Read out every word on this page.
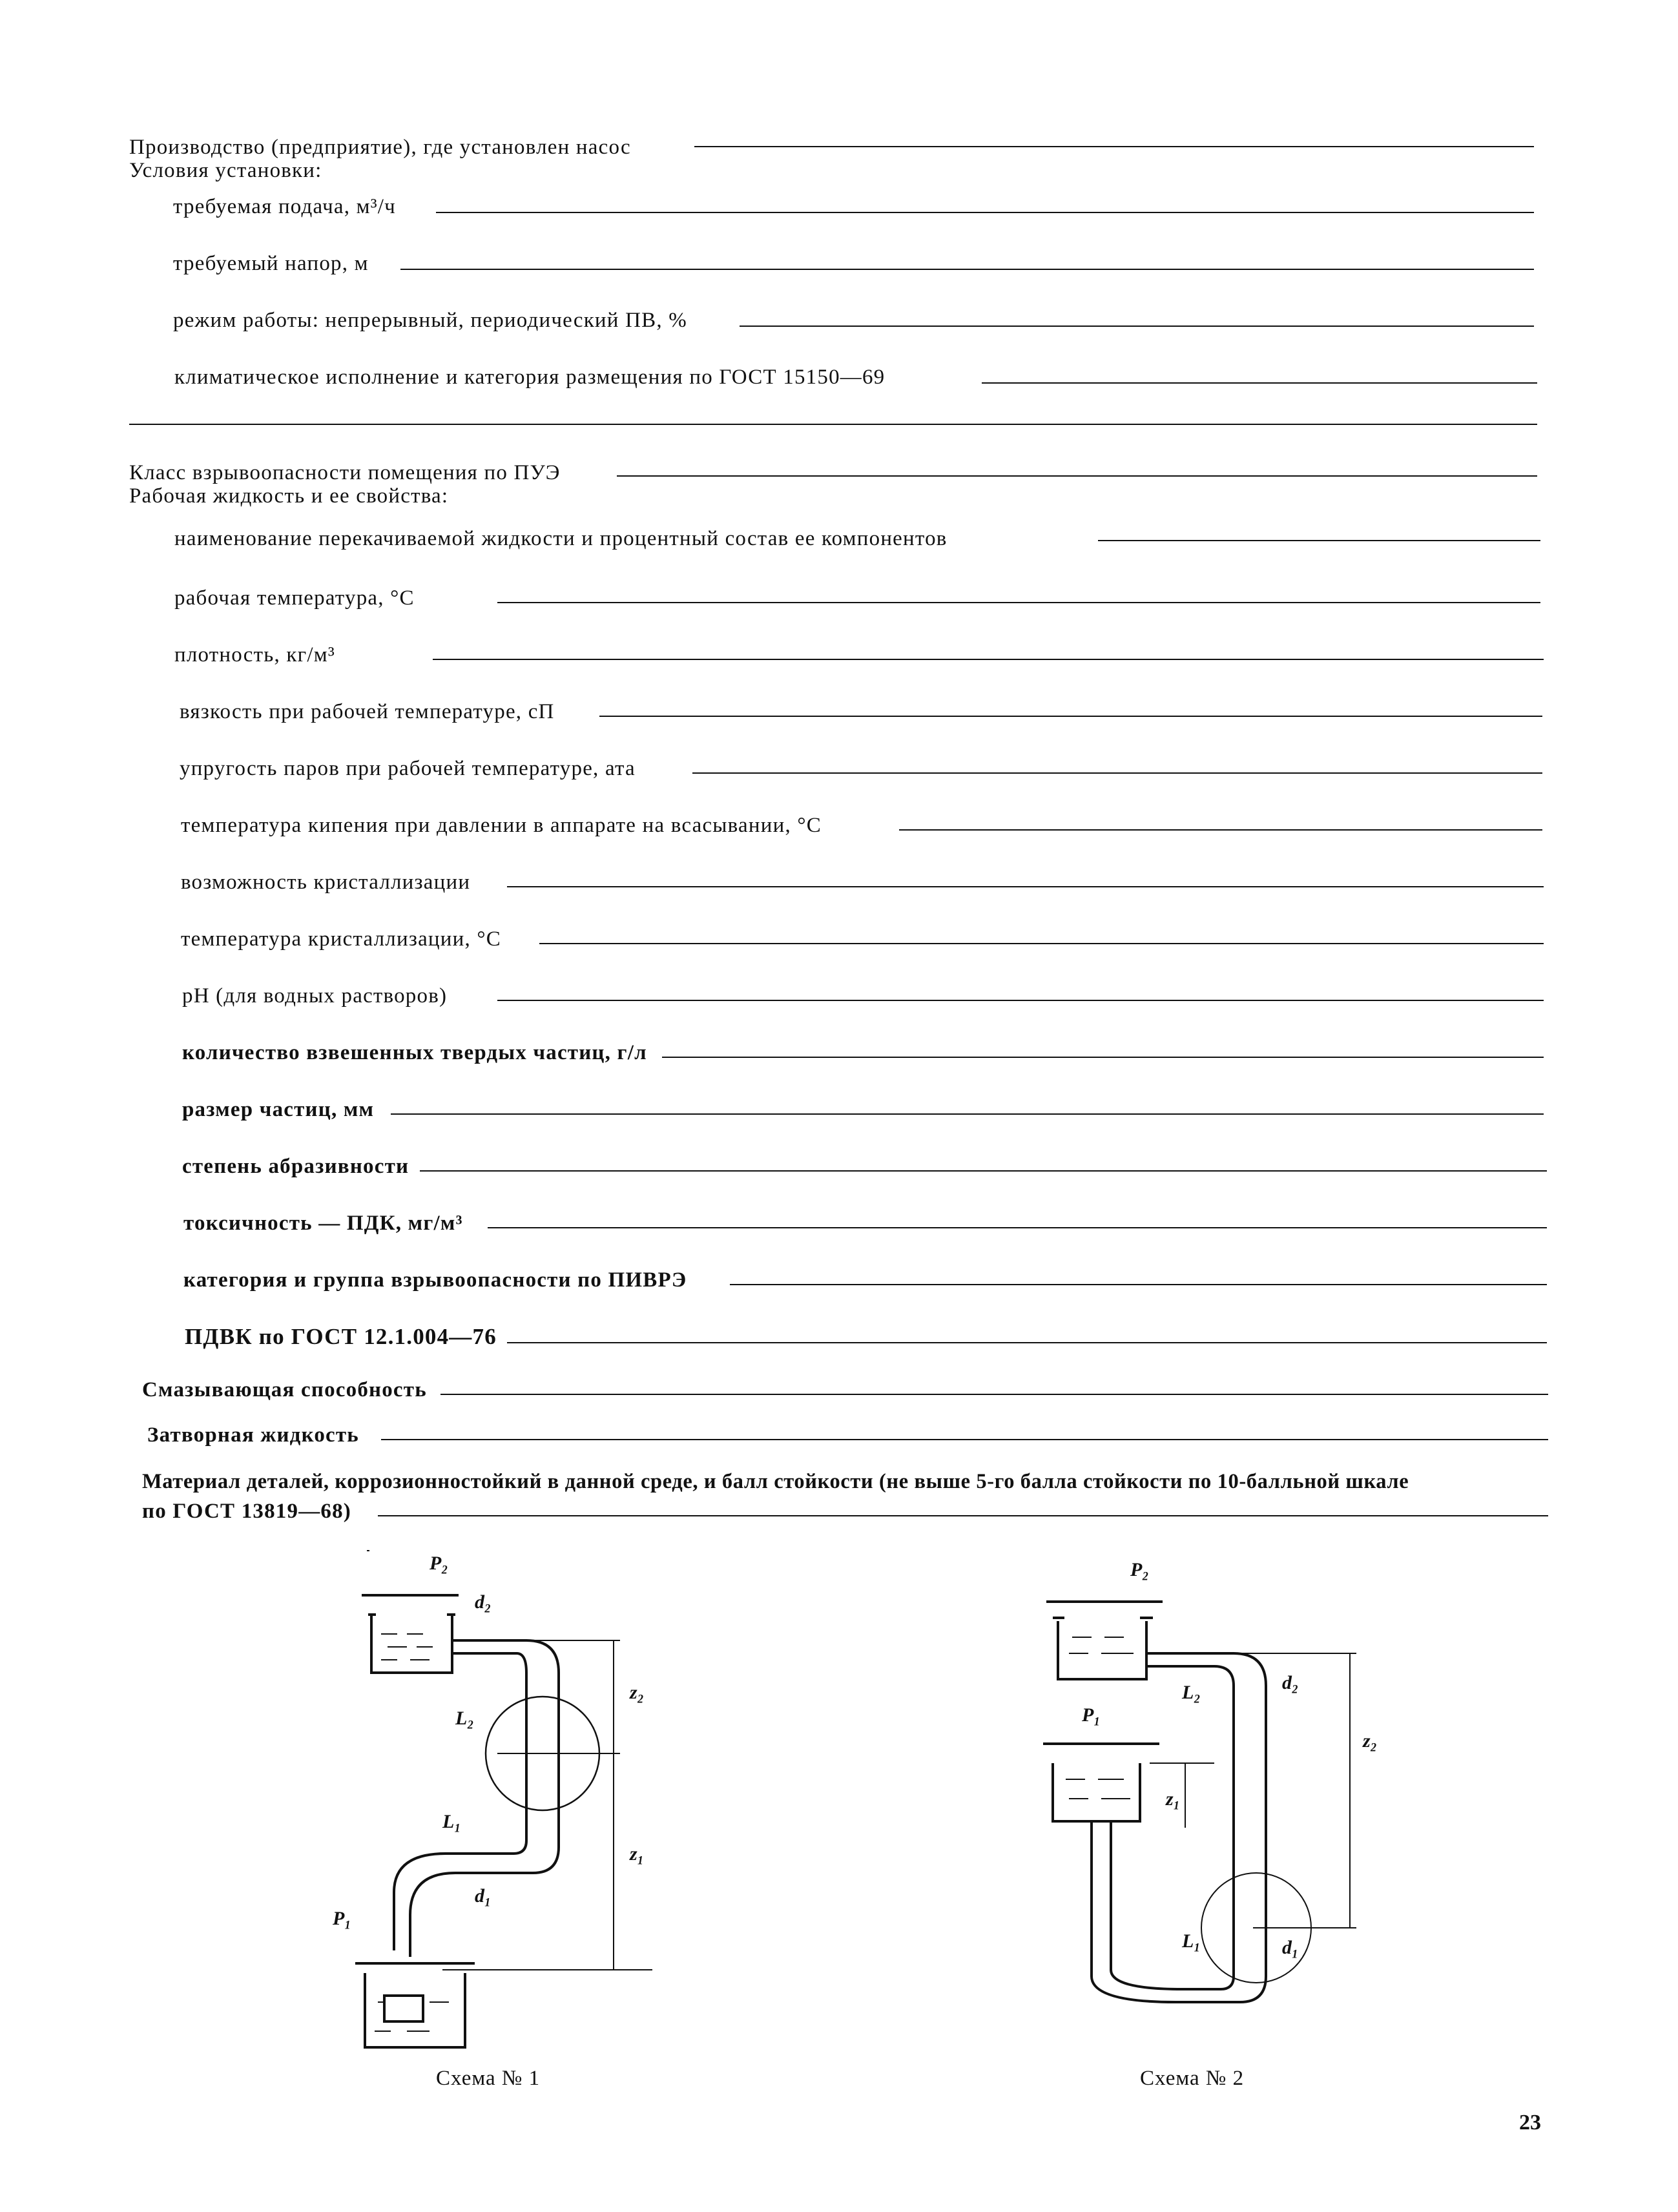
Производство (предприятие), где установлен насос
Условия установки:
требуемая подача, м³/ч
требуемый напор, м
режим работы: непрерывный, периодический ПВ, %
климатическое исполнение и категория размещения по ГОСТ 15150—69
Класс взрывоопасности помещения по ПУЭ
Рабочая жидкость и ее свойства:
наименование перекачиваемой жидкости и процентный состав ее компонентов
рабочая температура, °С
плотность, кг/м³
вязкость при рабочей температуре, сП
упругость паров при рабочей температуре, ата
температура кипения при давлении в аппарате на всасывании, °С
возможность кристаллизации
температура кристаллизации, °С
pH (для водных растворов)
количество взвешенных твердых частиц, г/л
размер частиц, мм
степень абразивности
токсичность — ПДК, мг/м³
категория и группа взрывоопасности по ПИВРЭ
ПДВК по ГОСТ 12.1.004—76
Смазывающая способность
Затворная жидкость
Материал деталей, коррозионностойкий в данной среде, и балл стойкости (не выше 5-го балла стойкости по 10-балльной шкале
по ГОСТ 13819—68)
P₂
L₂
L₁
P₁
z₂
z₁
d₂
d₁
Схема № 1
P₂
P₁
L₂
L₁
d₂
d₁
z₂
z₁
Схема № 2
23
